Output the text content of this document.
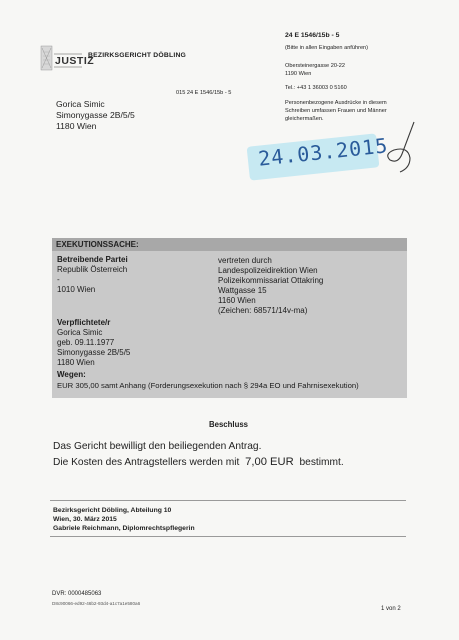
JUSTIZ
BEZIRKSGERICHT DÖBLING
24 E 1546/15b - 5
(Bitte in allen Eingaben anführen)
Obersteinergasse 20-22
1190 Wien
Tel.: +43 1 36003 0 5160
Personenbezogene Ausdrücke in diesem
Schreiben umfassen Frauen und Männer
gleichermaßen.
015 24 E 1546/15b - 5
Gorica Simic
Simonygasse 2B/5/5
1180 Wien
24.03.2015
EXEKUTIONSSACHE:
Betreibende Partei
Republik Österreich
-
1010 Wien
vertreten durch
Landespolizeidirektion Wien
Polizeikommissariat Ottakring
Wattgasse 15
1160 Wien
(Zeichen: 68571/14v-ma)
Verpflichtete/r
Gorica Simic
geb. 09.11.1977
Simonygasse 2B/5/5
1180 Wien
Wegen:
EUR 305,00 samt Anhang (Forderungsexekution nach § 294a EO und Fahrnisexekution)
Beschluss
Das Gericht bewilligt den beiliegenden Antrag.
Die Kosten des Antragstellers werden mit 7,00 EUR bestimmt.
Bezirksgericht Döbling, Abteilung 10
Wien, 30. März 2015
Gabriele Reichmann, Diplomrechtspflegerin
DVR: 0000485063
D8c90066-ed92-46b2-93d4-a1c7a1e580a6
1 von 2
